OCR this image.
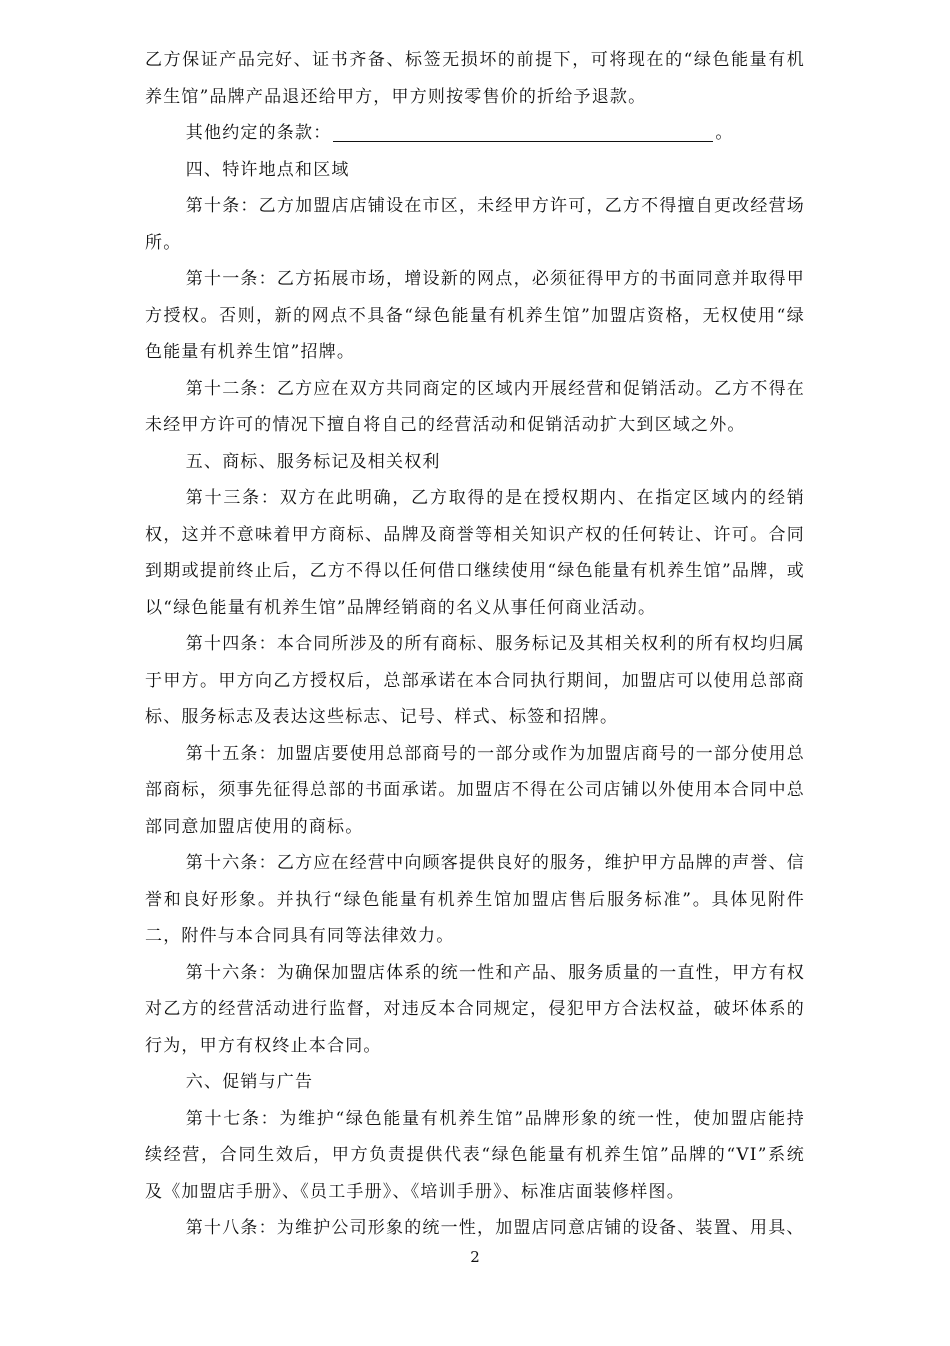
乙方保证产品完好、证书齐备、标签无损坏的前提下，可将现在的“绿色能量有机养生馆”品牌产品退还给甲方，甲方则按零售价的折给予退款。

其他约定的条款：	。

四、特许地点和区域

第十条：乙方加盟店店铺设在市区，未经甲方许可，乙方不得擅自更改经营场所。

第十一条：乙方拓展市场，增设新的网点，必须征得甲方的书面同意并取得甲方授权。否则，新的网点不具备“绿色能量有机养生馆”加盟店资格，无权使用“绿色能量有机养生馆”招牌。

第十二条：乙方应在双方共同商定的区域内开展经营和促销活动。乙方不得在未经甲方许可的情况下擅自将自己的经营活动和促销活动扩大到区域之外。

五、商标、服务标记及相关权利

第十三条：双方在此明确，乙方取得的是在授权期内、在指定区域内的经销权，这并不意味着甲方商标、品牌及商誉等相关知识产权的任何转让、许可。合同到期或提前终止后，乙方不得以任何借口继续使用“绿色能量有机养生馆”品牌，或以“绿色能量有机养生馆”品牌经销商的名义从事任何商业活动。

第十四条：本合同所涉及的所有商标、服务标记及其相关权利的所有权均归属于甲方。甲方向乙方授权后，总部承诺在本合同执行期间，加盟店可以使用总部商标、服务标志及表达这些标志、记号、样式、标签和招牌。

第十五条：加盟店要使用总部商号的一部分或作为加盟店商号的一部分使用总部商标，须事先征得总部的书面承诺。加盟店不得在公司店铺以外使用本合同中总部同意加盟店使用的商标。

第十六条：乙方应在经营中向顾客提供良好的服务，维护甲方品牌的声誉、信誉和良好形象。并执行“绿色能量有机养生馆加盟店售后服务标准”。具体见附件二，附件与本合同具有同等法律效力。

第十六条：为确保加盟店体系的统一性和产品、服务质量的一直性，甲方有权对乙方的经营活动进行监督，对违反本合同规定，侵犯甲方合法权益，破坏体系的行为，甲方有权终止本合同。

六、促销与广告

第十七条：为维护“绿色能量有机养生馆”品牌形象的统一性，使加盟店能持续经营，合同生效后，甲方负责提供代表“绿色能量有机养生馆”品牌的“VI”系统及《加盟店手册》、《员工手册》、《培训手册》、标准店面装修样图。

第十八条：为维护公司形象的统一性，加盟店同意店铺的设备、装置、用具、

2
